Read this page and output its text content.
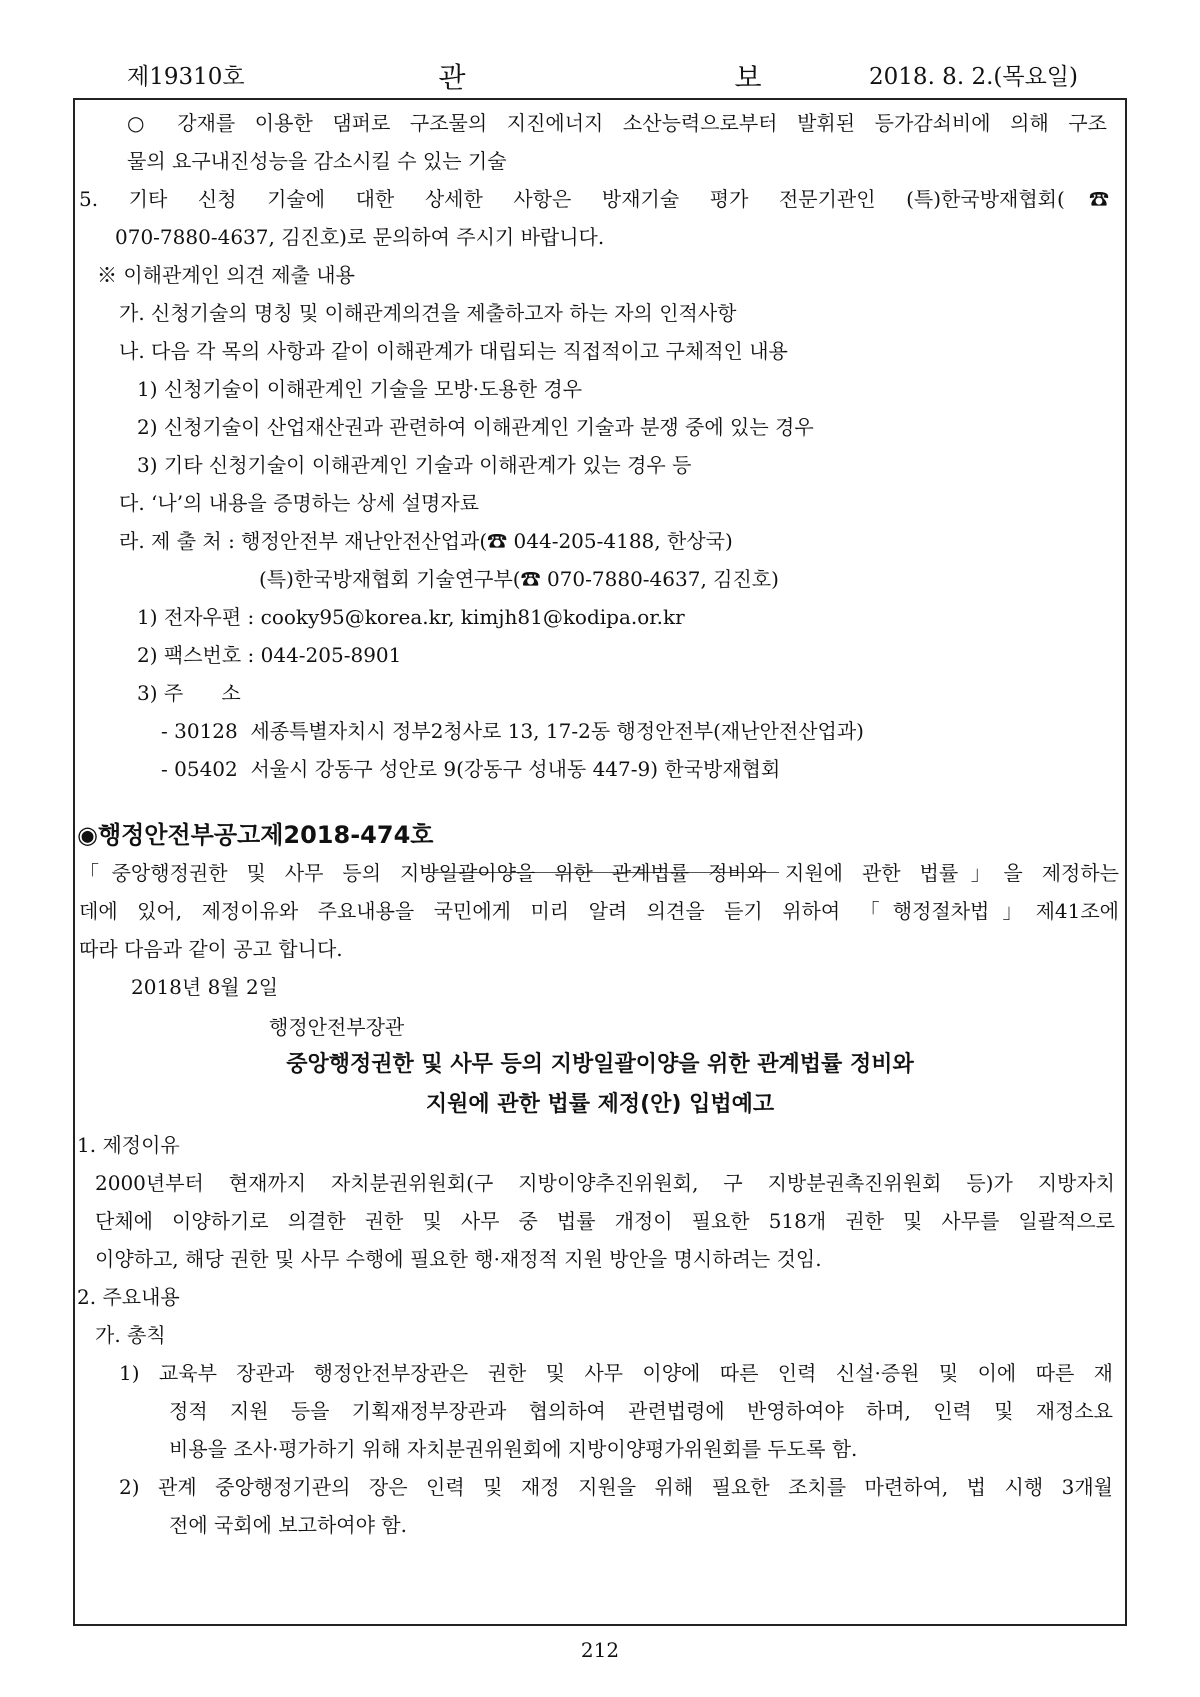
제19310호	관 보
2018. 8. 2.(목요일)
○ 강재를 이용한 댐퍼로 구조물의 지진에너지 소산능력으로부터 발휘된 등가감쇠비에 의해 구조
물의 요구내진성능을 감소시킬 수 있는 기술
5. 기타 신청 기술에 대한 상세한 사항은 방재기술 평가 전문기관인 (특)한국방재협회(☎
070-7880-4637, 김진호)로 문의하여 주시기 바랍니다.
※ 이해관계인 의견 제출 내용
가. 신청기술의 명칭 및 이해관계의견을 제출하고자 하는 자의 인적사항
나. 다음 각 목의 사항과 같이 이해관계가 대립되는 직접적이고 구체적인 내용
1) 신청기술이 이해관계인 기술을 모방·도용한 경우
2) 신청기술이 산업재산권과 관련하여 이해관계인 기술과 분쟁 중에 있는 경우
3) 기타 신청기술이 이해관계인 기술과 이해관계가 있는 경우 등
다. ‘나’의 내용을 증명하는 상세 설명자료
라. 제 출 처 : 행정안전부 재난안전산업과(☎ 044-205-4188, 한상국)
(특)한국방재협회 기술연구부(☎ 070-7880-4637, 김진호)
1) 전자우편 : cooky95@korea.kr, kimjh81@kodipa.or.kr
2) 팩스번호 : 044-205-8901
3) 주      소
- 30128  세종특별자치시 정부2청사로 13, 17-2동 행정안전부(재난안전산업과)
- 05402  서울시 강동구 성안로 9(강동구 성내동 447-9) 한국방재협회
◉행정안전부공고제2018-474호
「중앙행정권한 및 사무 등의 지방일괄이양을 위한 관계법률 정비와 지원에 관한 법률」을 제정하는
데에 있어, 제정이유와 주요내용을 국민에게 미리 알려 의견을 듣기 위하여 「행정절차법」제41조에
따라 다음과 같이 공고 합니다.
2018년 8월 2일
행정안전부장관
중앙행정권한 및 사무 등의 지방일괄이양을 위한 관계법률 정비와
지원에 관한 법률 제정(안) 입법예고
1. 제정이유
2000년부터 현재까지 자치분권위원회(구 지방이양추진위원회, 구 지방분권촉진위원회 등)가 지방자치
단체에 이양하기로 의결한 권한 및 사무 중 법률 개정이 필요한 518개 권한 및 사무를 일괄적으로
이양하고, 해당 권한 및 사무 수행에 필요한 행·재정적 지원 방안을 명시하려는 것임.
2. 주요내용
가. 총칙
1) 교육부 장관과 행정안전부장관은 권한 및 사무 이양에 따른 인력 신설·증원 및 이에 따른 재
정적 지원 등을 기획재정부장관과 협의하여 관련법령에 반영하여야 하며, 인력 및 재정소요
비용을 조사·평가하기 위해 자치분권위원회에 지방이양평가위원회를 두도록 함.
2) 관계 중앙행정기관의 장은 인력 및 재정 지원을 위해 필요한 조치를 마련하여, 법 시행 3개월
전에 국회에 보고하여야 함.
212
